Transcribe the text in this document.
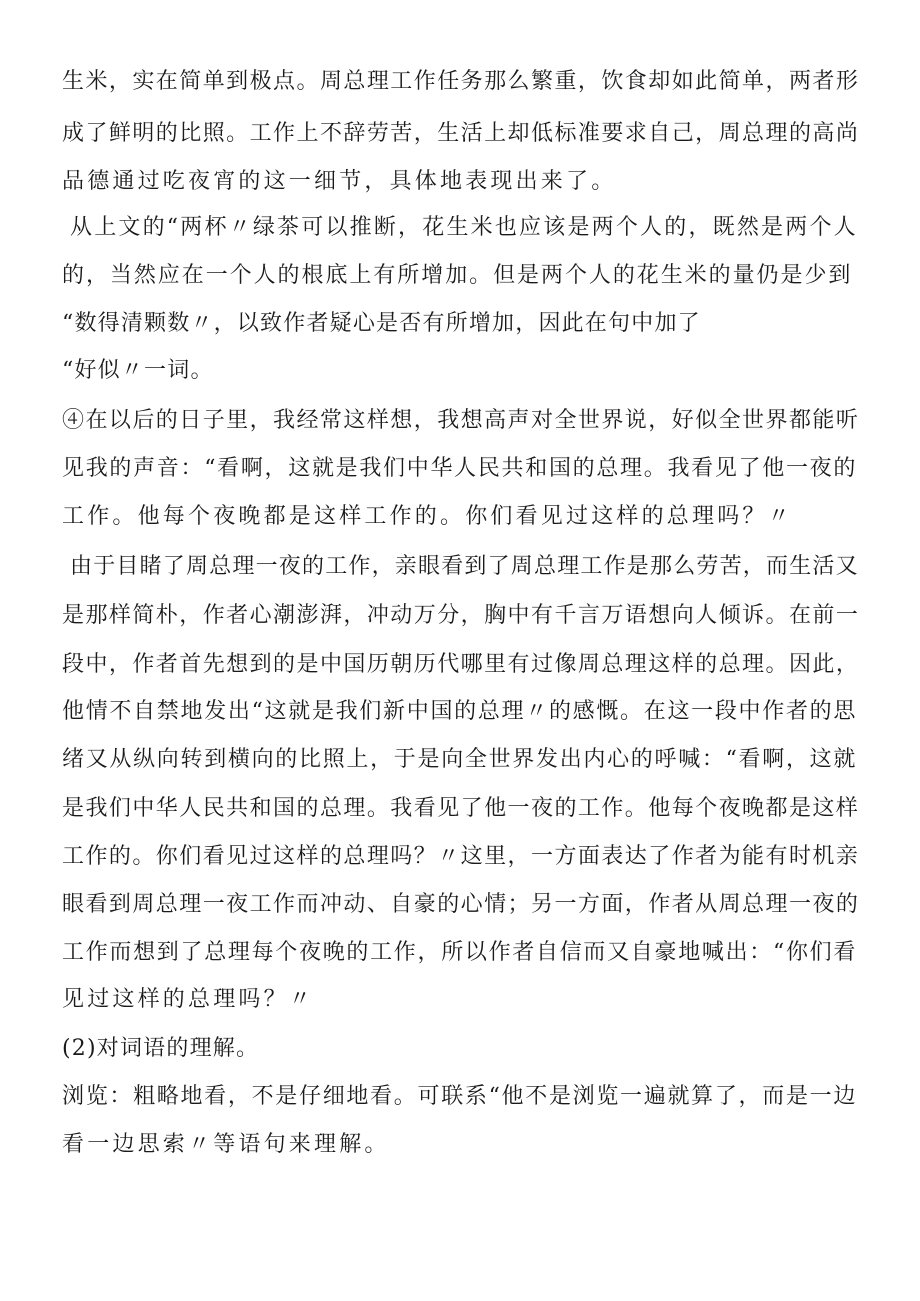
生米，实在简单到极点。周总理工作任务那么繁重，饮食却如此简单，两者形
成了鲜明的比照。工作上不辞劳苦，生活上却低标准要求自己，周总理的高尚
品德通过吃夜宵的这一细节，具体地表现出来了。
从上文的“两杯〃绿茶可以推断，花生米也应该是两个人的，既然是两个人
的，当然应在一个人的根底上有所增加。但是两个人的花生米的量仍是少到
“数得清颗数〃，以致作者疑心是否有所增加，因此在句中加了
“好似〃一词。
④在以后的日子里，我经常这样想，我想高声对全世界说，好似全世界都能听
见我的声音：“看啊，这就是我们中华人民共和国的总理。我看见了他一夜的
工作。他每个夜晚都是这样工作的。你们看见过这样的总理吗？〃
由于目睹了周总理一夜的工作，亲眼看到了周总理工作是那么劳苦，而生活又
是那样简朴，作者心潮澎湃，冲动万分，胸中有千言万语想向人倾诉。在前一
段中，作者首先想到的是中国历朝历代哪里有过像周总理这样的总理。因此，
他情不自禁地发出“这就是我们新中国的总理〃的感慨。在这一段中作者的思
绪又从纵向转到横向的比照上，于是向全世界发出内心的呼喊：“看啊，这就
是我们中华人民共和国的总理。我看见了他一夜的工作。他每个夜晚都是这样
工作的。你们看见过这样的总理吗？〃这里，一方面表达了作者为能有时机亲
眼看到周总理一夜工作而冲动、自豪的心情；另一方面，作者从周总理一夜的
工作而想到了总理每个夜晚的工作，所以作者自信而又自豪地喊出：“你们看
见过这样的总理吗？〃
(2)对词语的理解。
浏览：粗略地看，不是仔细地看。可联系“他不是浏览一遍就算了，而是一边
看一边思索〃等语句来理解。
